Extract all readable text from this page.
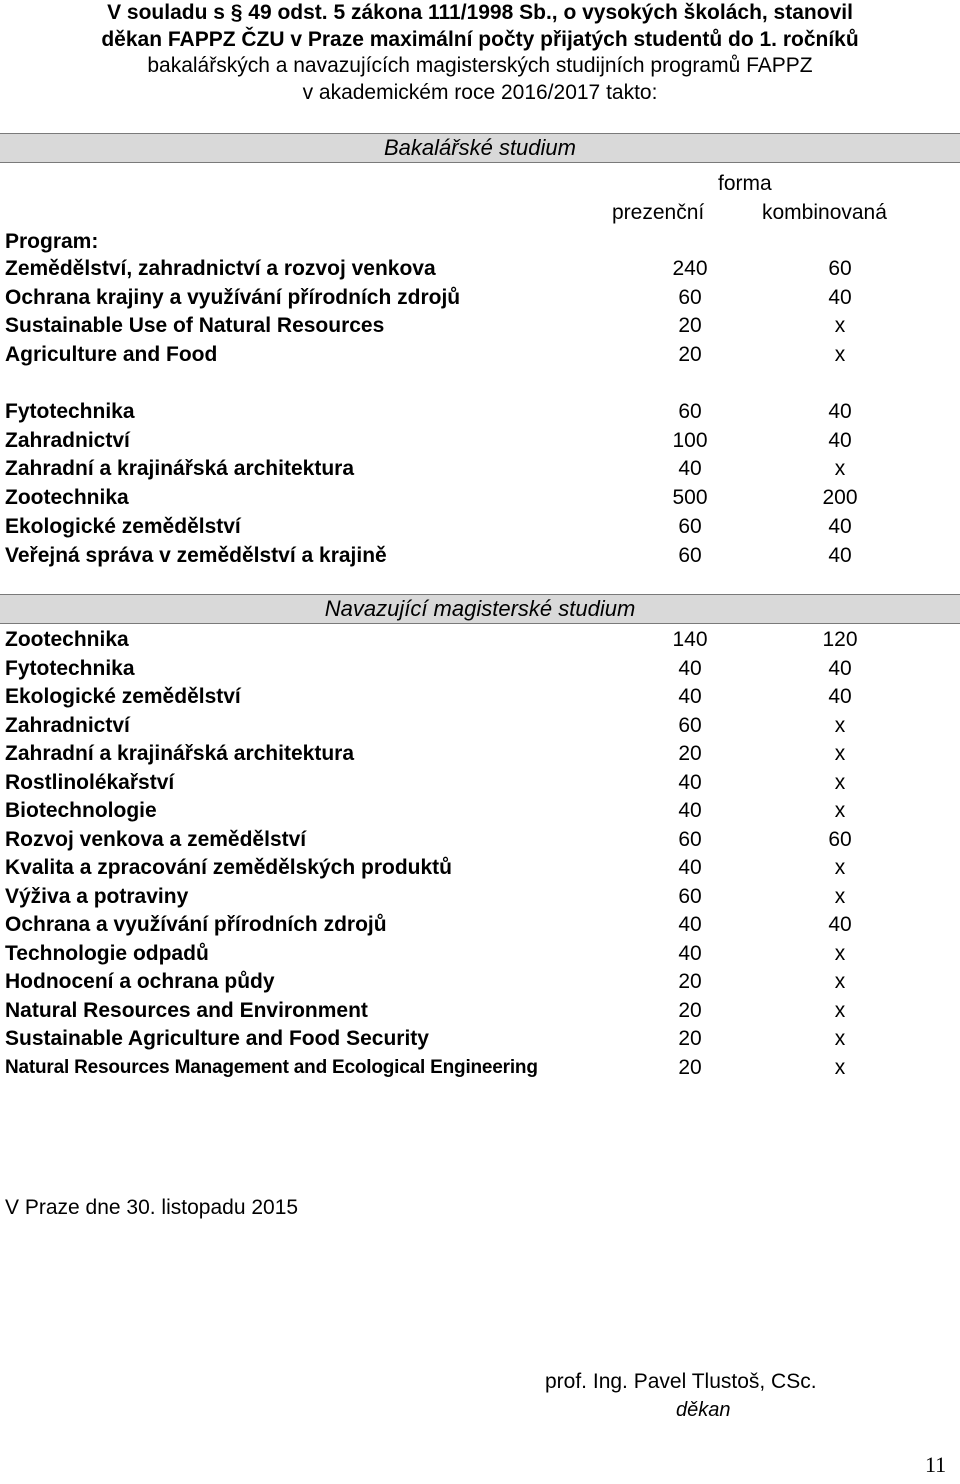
V souladu s § 49 odst. 5 zákona 111/1998 Sb., o vysokých školách, stanovil
děkan FAPPZ ČZU v Praze maximální počty přijatých studentů do 1. ročníků
bakalářských a navazujících magisterských studijních programů FAPPZ
v akademickém roce 2016/2017 takto:
Bakalářské studium
forma
prezenční	kombinovaná
Program:
Zemědělství, zahradnictví a rozvoj venkova	240	60
Ochrana krajiny a využívání přírodních zdrojů	60	40
Sustainable Use of Natural Resources	20	x
Agriculture and Food	20	x
Fytotechnika	60	40
Zahradnictví	100	40
Zahradní a krajinářská architektura	40	x
Zootechnika	500	200
Ekologické zemědělství	60	40
Veřejná správa v zemědělství a krajině	60	40
Navazující magisterské studium
Zootechnika	140	120
Fytotechnika	40	40
Ekologické zemědělství	40	40
Zahradnictví	60	x
Zahradní a krajinářská architektura	20	x
Rostlinolékařství	40	x
Biotechnologie	40	x
Rozvoj venkova a zemědělství	60	60
Kvalita a zpracování zemědělských produktů	40	x
Výživa a potraviny	60	x
Ochrana a využívání přírodních zdrojů	40	40
Technologie odpadů	40	x
Hodnocení a ochrana půdy	20	x
Natural Resources and Environment	20	x
Sustainable Agriculture and Food Security	20	x
Natural Resources Management and Ecological Engineering	20	x
V Praze dne 30. listopadu 2015
prof. Ing. Pavel Tlustoš, CSc.
děkan
11
